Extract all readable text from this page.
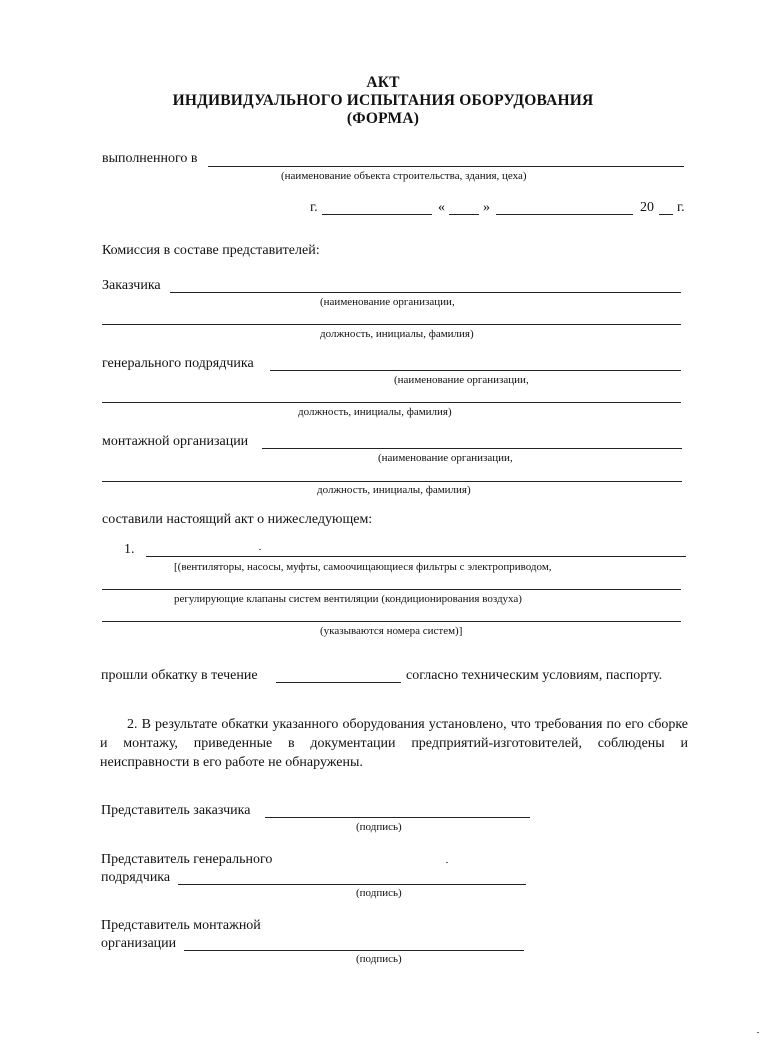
АКТ
ИНДИВИДУАЛЬНОГО ИСПЫТАНИЯ ОБОРУДОВАНИЯ
(ФОРМА)
выполненного в
(наименование объекта строительства, здания, цеха)
г.	«	»	20 г.
Комиссия в составе представителей:
Заказчика
(наименование организации,
должность, инициалы, фамилия)
генерального подрядчика
(наименование организации,
должность, инициалы, фамилия)
монтажной организации
(наименование организации,
должность, инициалы, фамилия)
составили настоящий акт о нижеследующем:
1.
[(вентиляторы, насосы, муфты, самоочищающиеся фильтры с электроприводом,
регулирующие клапаны систем вентиляции (кондиционирования воздуха)
(указываются номера систем)]
прошли обкатку в течение	согласно техническим условиям, паспорту.
2. В результате обкатки указанного оборудования установлено, что требования по его сборке и монтажу, приведенные в документации предприятий-изготовителей, соблюдены и неисправности в его работе не обнаружены.
Представитель заказчика
(подпись)
Представитель генерального
подрядчика
(подпись)
Представитель монтажной
организации
(подпись)
